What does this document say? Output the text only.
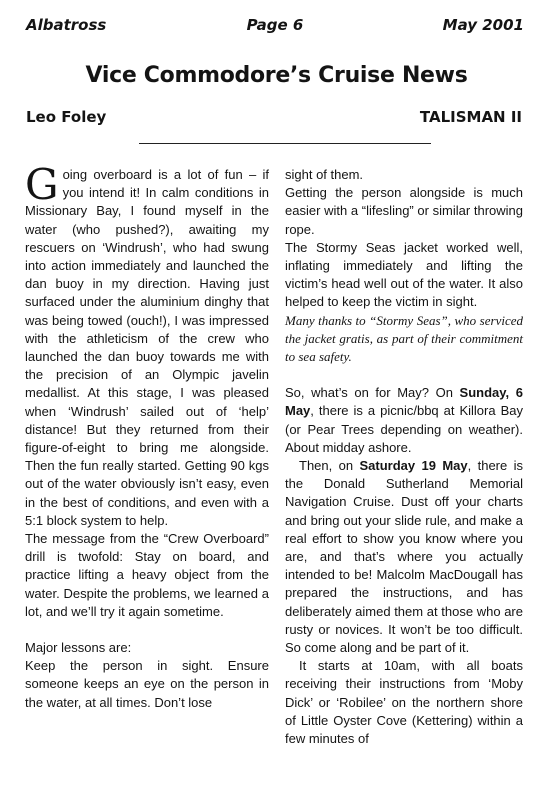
Page 6
Albatross	May 2001
Vice Commodore’s Cruise News
Leo Foley	TALISMAN II

Going overboard is a lot of fun – if you intend it! In calm conditions in Missionary Bay, I found myself in the water (who pushed?), awaiting my rescuers on ‘Windrush’, who had swung into action immediately and launched the dan buoy in my direction. Having just surfaced under the aluminium dinghy that was being towed (ouch!), I was impressed with the athleticism of the crew who launched the dan buoy towards me with the precision of an Olympic javelin medallist. At this stage, I was pleased when ‘Windrush’ sailed out of ‘help’ distance! But they returned from their figure-of-eight to bring me alongside. Then the fun really started. Getting 90 kgs out of the water obviously isn’t easy, even in the best of conditions, and even with a 5:1 block system to help.

The message from the “Crew Overboard” drill is twofold: Stay on board, and practice lifting a heavy object from the water. Despite the problems, we learned a lot, and we’ll try it again sometime.

Major lessons are:

Keep the person in sight. Ensure someone keeps an eye on the person in the water, at all times. Don’t lose

sight of them.

Getting the person alongside is much easier with a “lifesling” or similar throwing rope.

The Stormy Seas jacket worked well, inflating immediately and lifting the victim’s head well out of the water. It also helped to keep the victim in sight.

Many thanks to “Stormy Seas”, who serviced the jacket gratis, as part of their commitment to sea safety.

So, what’s on for May? On Sunday, 6 May, there is a picnic/bbq at Killora Bay (or Pear Trees depending on weather). About midday ashore.

Then, on Saturday 19 May, there is the Donald Sutherland Memorial Navigation Cruise. Dust off your charts and bring out your slide rule, and make a real effort to show you know where you are, and that’s where you actually intended to be! Malcolm MacDougall has prepared the instructions, and has deliberately aimed them at those who are rusty or novices. It won’t be too difficult. So come along and be part of it.

It starts at 10am, with all boats receiving their instructions from ‘Moby Dick’ or ‘Robilee’ on the northern shore of Little Oyster Cove (Kettering) within a few minutes of
